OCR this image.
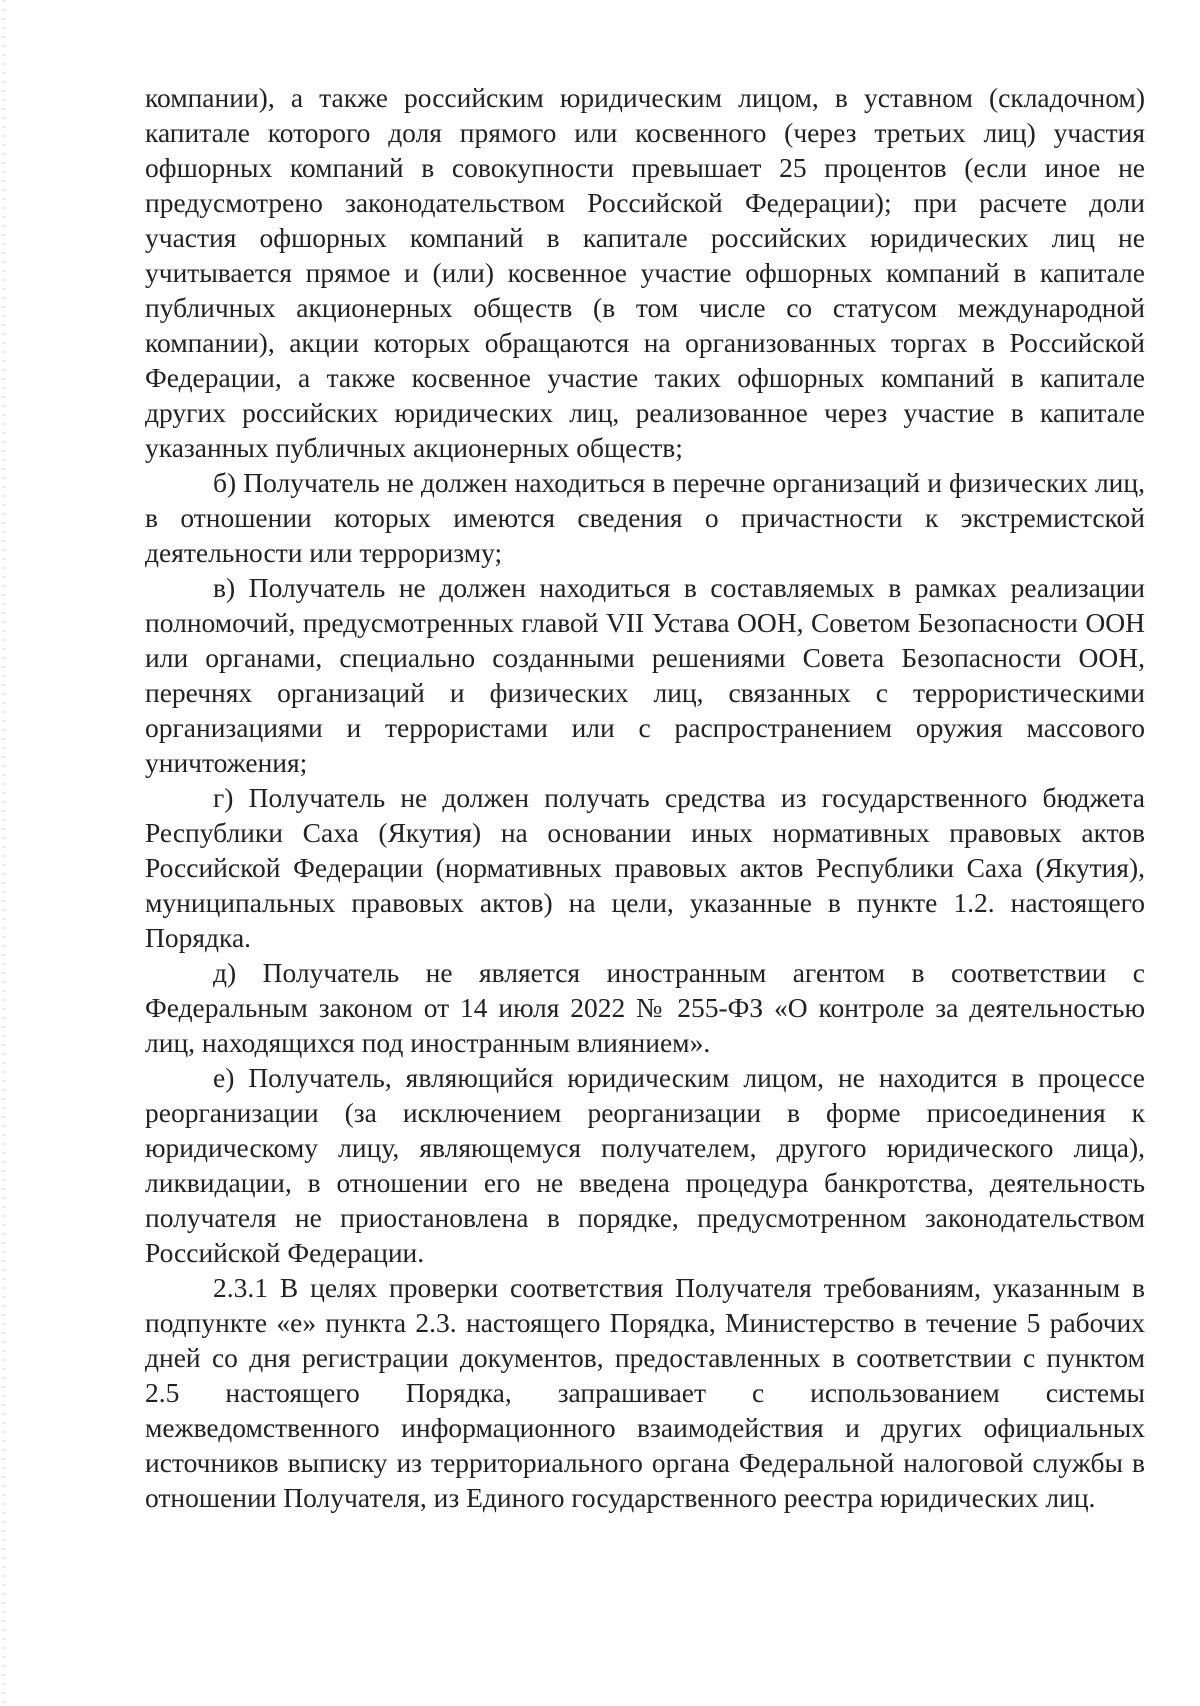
компании), а также российским юридическим лицом, в уставном (складочном) капитале которого доля прямого или косвенного (через третьих лиц) участия офшорных компаний в совокупности превышает 25 процентов (если иное не предусмотрено законодательством Российской Федерации); при расчете доли участия офшорных компаний в капитале российских юридических лиц не учитывается прямое и (или) косвенное участие офшорных компаний в капитале публичных акционерных обществ (в том числе со статусом международной компании), акции которых обращаются на организованных торгах в Российской Федерации, а также косвенное участие таких офшорных компаний в капитале других российских юридических лиц, реализованное через участие в капитале указанных публичных акционерных обществ;

б) Получатель не должен находиться в перечне организаций и физических лиц, в отношении которых имеются сведения о причастности к экстремистской деятельности или терроризму;

в) Получатель не должен находиться в составляемых в рамках реализации полномочий, предусмотренных главой VII Устава ООН, Советом Безопасности ООН или органами, специально созданными решениями Совета Безопасности ООН, перечнях организаций и физических лиц, связанных с террористическими организациями и террористами или с распространением оружия массового уничтожения;

г) Получатель не должен получать средства из государственного бюджета Республики Саха (Якутия) на основании иных нормативных правовых актов Российской Федерации (нормативных правовых актов Республики Саха (Якутия), муниципальных правовых актов) на цели, указанные в пункте 1.2. настоящего Порядка.

д) Получатель не является иностранным агентом в соответствии с Федеральным законом от 14 июля 2022 № 255-ФЗ «О контроле за деятельностью лиц, находящихся под иностранным влиянием».

е) Получатель, являющийся юридическим лицом, не находится в процессе реорганизации (за исключением реорганизации в форме присоединения к юридическому лицу, являющемуся получателем, другого юридического лица), ликвидации, в отношении его не введена процедура банкротства, деятельность получателя не приостановлена в порядке, предусмотренном законодательством Российской Федерации.

2.3.1 В целях проверки соответствия Получателя требованиям, указанным в подпункте «е» пункта 2.3. настоящего Порядка, Министерство в течение 5 рабочих дней со дня регистрации документов, предоставленных в соответствии с пунктом 2.5 настоящего Порядка, запрашивает с использованием системы межведомственного информационного взаимодействия и других официальных источников выписку из территориального органа Федеральной налоговой службы в отношении Получателя, из Единого государственного реестра юридических лиц.
